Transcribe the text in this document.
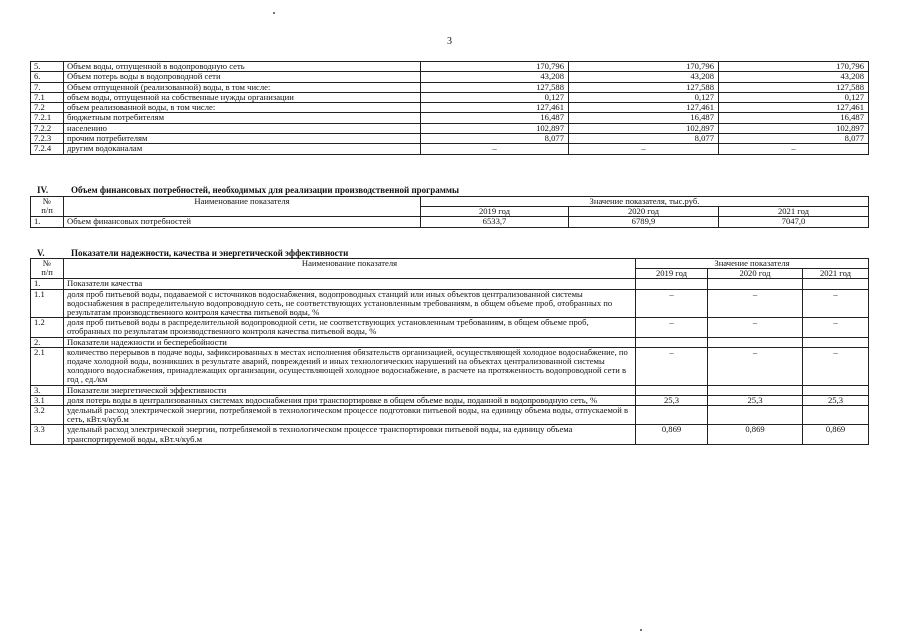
3
5.	Объем воды, отпущенной в водопроводную сеть	170,796	170,796	170,796
6.	Объем потерь воды в водопроводной сети	43,208	43,208	43,208
7.	Объем отпущенной (реализованной) воды, в том числе:	127,588	127,588	127,588
7.1	объем воды, отпущенной на собственные нужды организации	0,127	0,127	0,127
7.2	объем реализованной воды, в том числе:	127,461	127,461	127,461
7.2.1	бюджетным потребителям	16,487	16,487	16,487
7.2.2	населению	102,897	102,897	102,897
7.2.3	прочим потребителям	8,077	8,077	8,077
7.2.4	другим водоканалам	–	–	–
IV.	Объем финансовых потребностей, необходимых для реализации производственной программы
№
п/п	Наименование показателя	Значение показателя, тыс.руб.		
		2019 год	2020 год	2021 год
1.	Объем финансовых потребностей	6533,7	6789,9	7047,0
V.	Показатели надежности, качества и энергетической эффективности
№
п/п	Наименование показателя	Значение показателя		
		2019 год	2020 год	2021 год
1.	Показатели качества			
1.1	доля проб питьевой воды, подаваемой с источников водоснабжения, водопроводных станций или иных объектов централизованной системы водоснабжения в распределительную водопроводную сеть, не соответствующих установленным требованиям, в общем объеме проб, отобранных по результатам производственного контроля качества питьевой воды, %	–	–	–
1.2	доля проб питьевой воды в распределительной водопроводной сети, не соответствующих установленным требованиям, в общем объеме проб, отобранных по результатам производственного контроля качества питьевой воды, %	–	–	–
2.	Показатели надежности и бесперебойности			
2.1	количество перерывов в подаче воды, зафиксированных в местах исполнения обязательств организацией, осуществляющей холодное водоснабжение, по подаче холодной воды, возникших в результате аварий, повреждений и иных технологических нарушений на объектах централизованной системы холодного водоснабжения, принадлежащих организации, осуществляющей холодное водоснабжение, в расчете на протяженность водопроводной сети в год , ед./км	–	–	–
3.	Показатели энергетической эффективности			
3.1	доля потерь воды в централизованных системах водоснабжения при транспортировке в общем объеме воды, поданной в водопроводную сеть, %	25,3	25,3	25,3
3.2	удельный расход электрической энергии, потребляемой в технологическом процессе подготовки питьевой воды, на единицу объема воды, отпускаемой в сеть, кВт.ч/куб.м			
3.3	удельный расход электрической энергии, потребляемой в технологическом процессе транспортировки питьевой воды, на единицу объема транспортируемой воды, кВт.ч/куб.м	0,869	0,869	0,869
